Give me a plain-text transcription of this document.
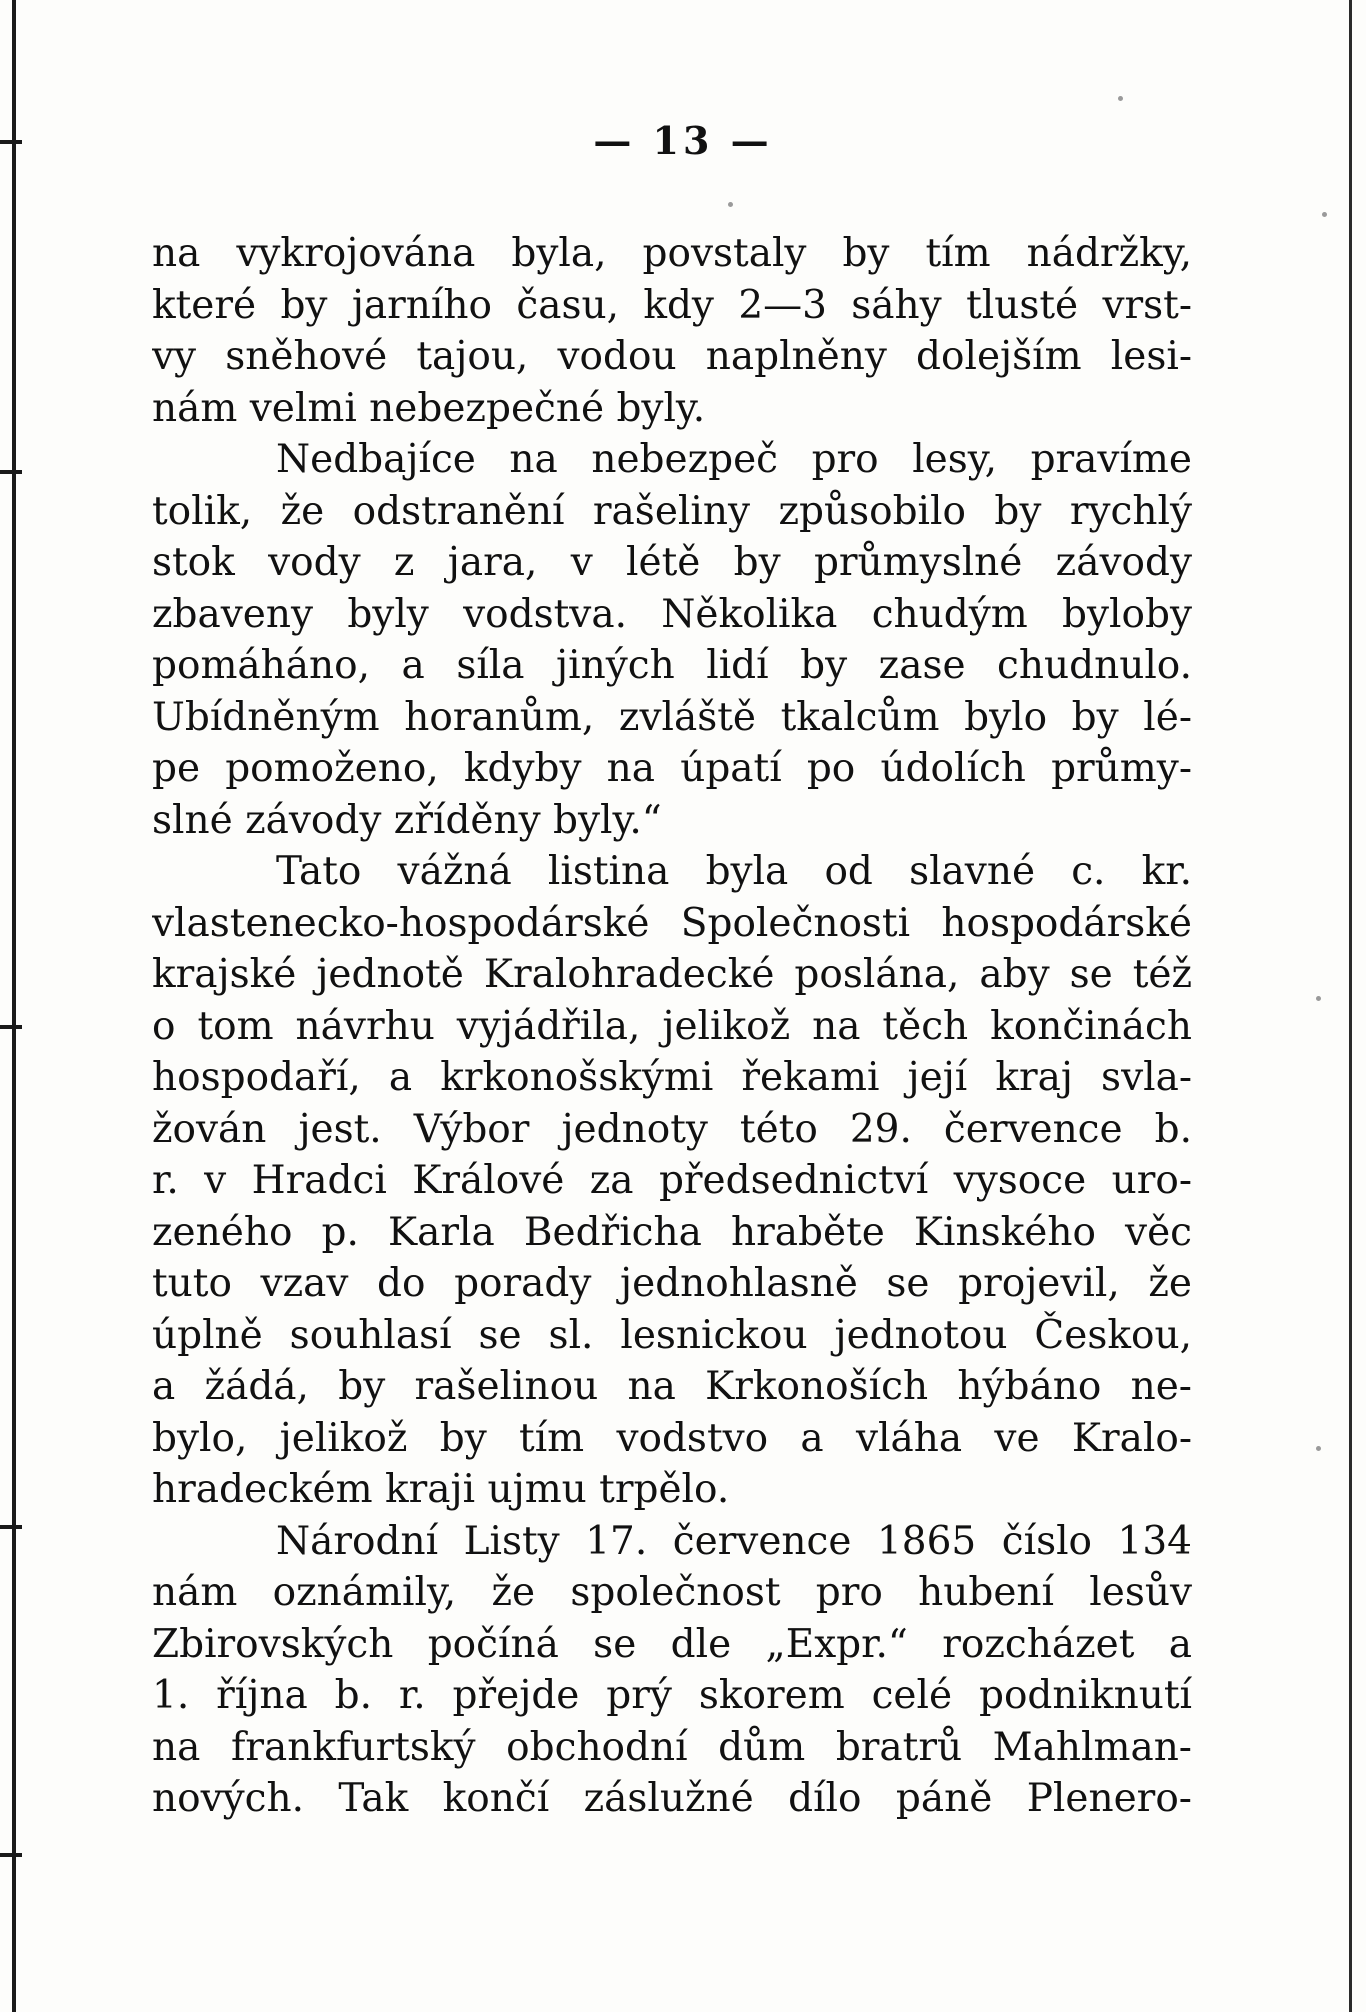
— 13 —
na vykrojována byla, povstaly by tím nádržky,
které by jarního času, kdy 2—3 sáhy tlusté vrst-
vy sněhové tajou, vodou naplněny dolejším lesi-
nám velmi nebezpečné byly.
Nedbajíce na nebezpeč pro lesy, pravíme
tolik, že odstranění rašeliny způsobilo by rychlý
stok vody z jara, v létě by průmyslné závody
zbaveny byly vodstva. Několika chudým byloby
pomáháno, a síla jiných lidí by zase chudnulo.
Ubídněným horanům, zvláště tkalcům bylo by lé-
pe pomoženo, kdyby na úpatí po údolích průmy-
slné závody zříděny byly.“
Tato vážná listina byla od slavné c. kr.
vlastenecko-hospodárské Společnosti hospodárské
krajské jednotě Kralohradecké poslána, aby se též
o tom návrhu vyjádřila, jelikož na těch končinách
hospodaří, a krkonošskými řekami její kraj svla-
žován jest. Výbor jednoty této 29. července b.
r. v Hradci Králové za předsednictví vysoce uro-
zeného p. Karla Bedřicha hraběte Kinského věc
tuto vzav do porady jednohlasně se projevil, že
úplně souhlasí se sl. lesnickou jednotou Českou,
a žádá, by rašelinou na Krkonoších hýbáno ne-
bylo, jelikož by tím vodstvo a vláha ve Kralo-
hradeckém kraji ujmu trpělo.
Národní Listy 17. července 1865 číslo 134
nám oznámily, že společnost pro hubení lesův
Zbirovských počíná se dle „Expr.“ rozcházet a
1. října b. r. přejde prý skorem celé podniknutí
na frankfurtský obchodní dům bratrů Mahlman-
nových. Tak končí záslužné dílo páně Plenero-
